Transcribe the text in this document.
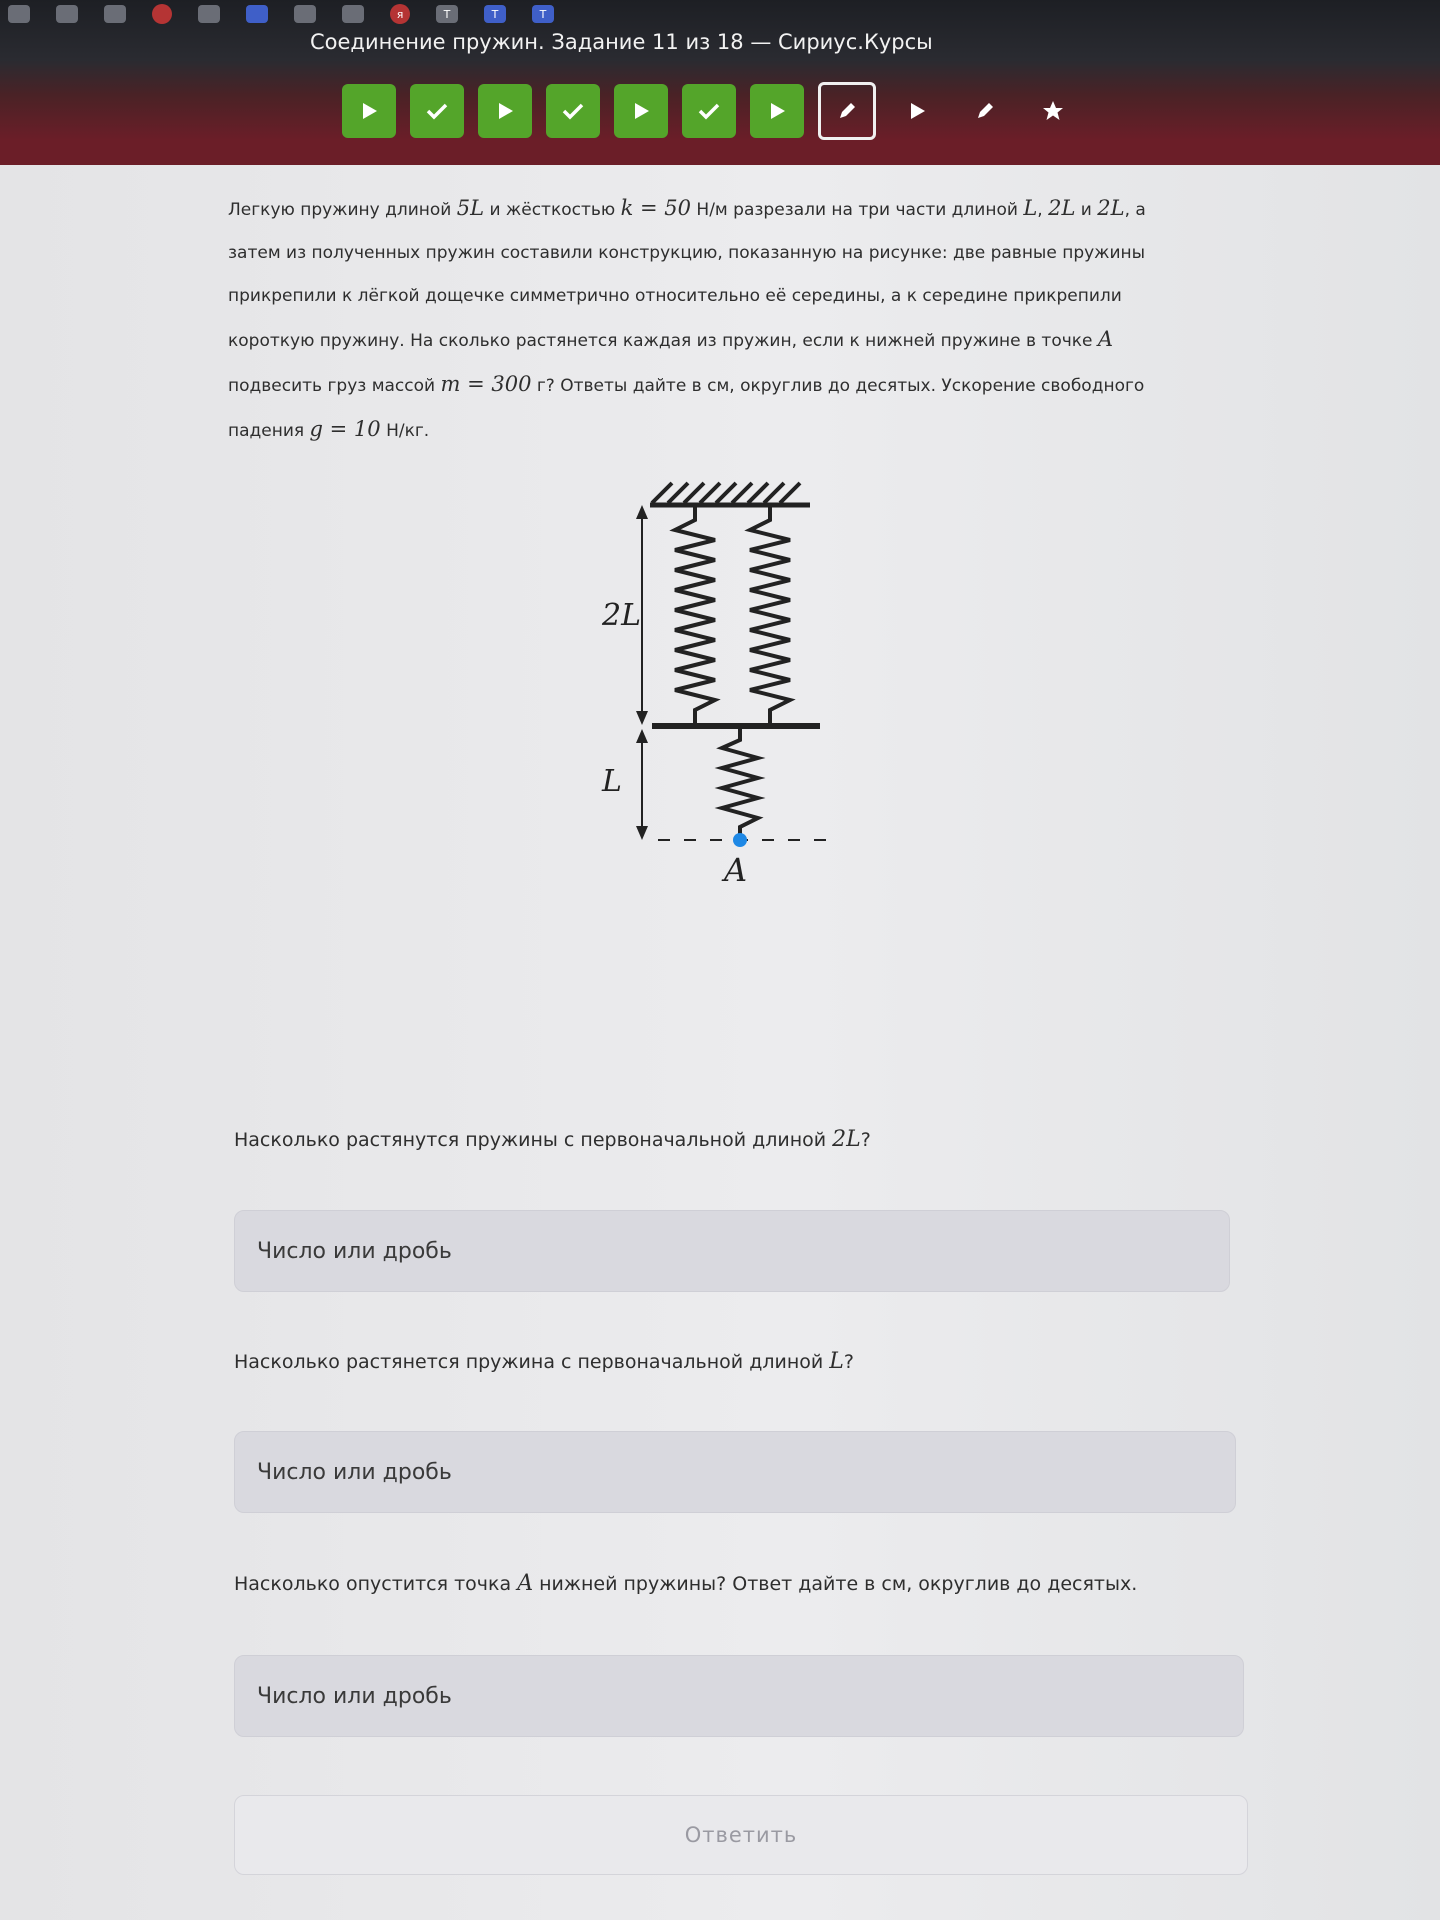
я	T	T	T
Соединение пружин. Задание 11 из 18 — Сириус.Курсы
Легкую пружину длиной 5L и жёсткостью k = 50 Н/м разрезали на три части длиной L, 2L и 2L, а затем из полученных пружин составили конструкцию, показанную на рисунке: две равные пружины прикрепили к лёгкой дощечке симметрично относительно её середины, а к середине прикрепили короткую пружину. На сколько растянется каждая из пружин, если к нижней пружине в точке A подвесить груз массой m = 300 г? Ответы дайте в см, округлив до десятых. Ускорение свободного падения g = 10 Н/кг.
2L
L
A
Насколько растянутся пружины с первоначальной длиной 2L?
Число или дробь
Насколько растянется пружина с первоначальной длиной L?
Число или дробь
Насколько опустится точка A нижней пружины? Ответ дайте в см, округлив до десятых.
Число или дробь
Ответить
